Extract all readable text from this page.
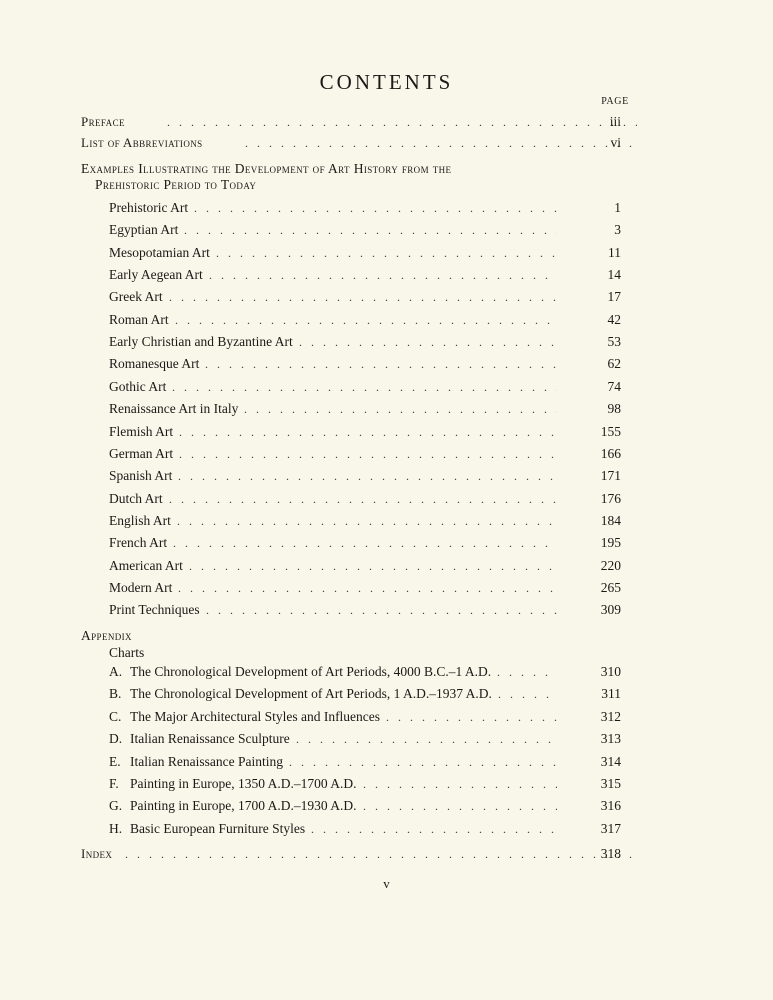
CONTENTS
PAGE
Preface . . .	iii
List of Abbreviations . . .	vi
Examples Illustrating the Development of Art History from the
Prehistoric Period to Today
Prehistoric Art . . .	1
Egyptian Art . . .	3
Mesopotamian Art . . .	11
Early Aegean Art . . .	14
Greek Art . . .	17
Roman Art . . .	42
Early Christian and Byzantine Art . . .	53
Romanesque Art . . .	62
Gothic Art . . .	74
Renaissance Art in Italy . . .	98
Flemish Art . . .	155
German Art . . .	166
Spanish Art . . .	171
Dutch Art . . .	176
English Art . . .	184
French Art . . .	195
American Art . . .	220
Modern Art . . .	265
Print Techniques . . .	309
Appendix
Charts
A. The Chronological Development of Art Periods, 4000 B.C.–1 A.D. . . .	310
B. The Chronological Development of Art Periods, 1 A.D.–1937 A.D. . . .	311
C. The Major Architectural Styles and Influences . . .	312
D. Italian Renaissance Sculpture . . .	313
E. Italian Renaissance Painting . . .	314
F. Painting in Europe, 1350 A.D.–1700 A.D. . . .	315
G. Painting in Europe, 1700 A.D.–1930 A.D. . . .	316
H. Basic European Furniture Styles . . .	317
Index . . .	318
v
